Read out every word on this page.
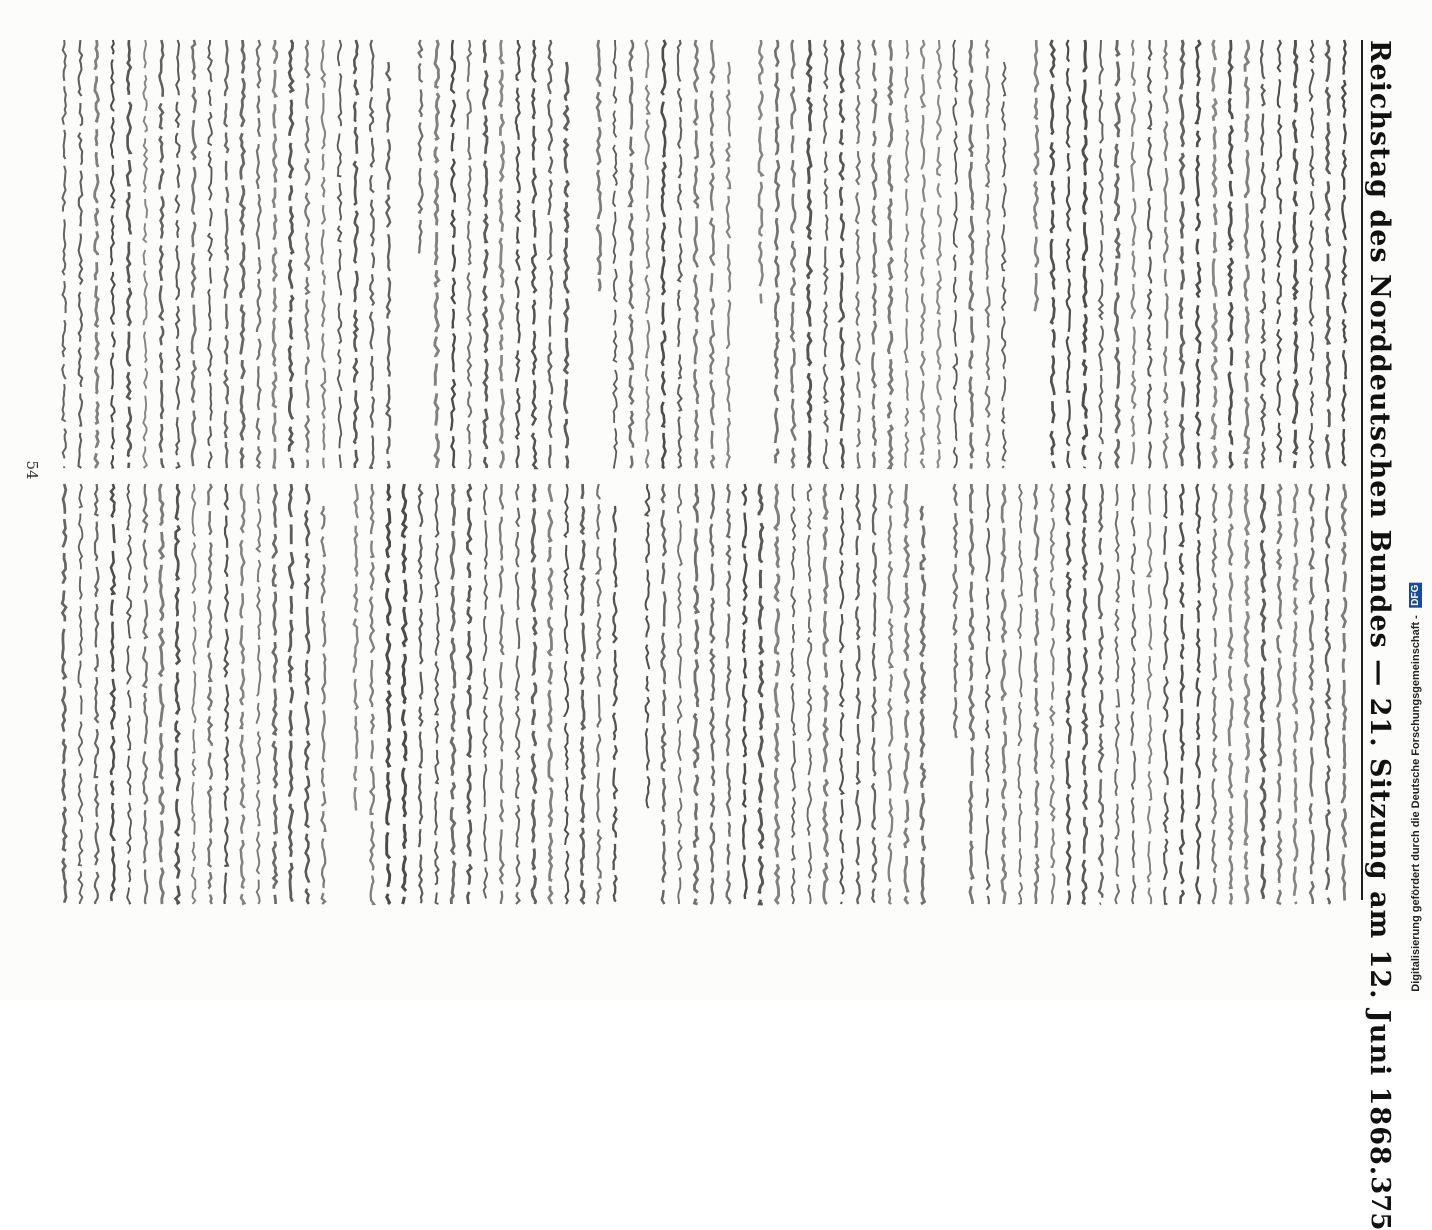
Reichstag des Norddeutschen Bundes — 21. Sitzung am 12. Juni 1868.
375
54
Digitalisierung gefördert durch die Deutsche Forschungsgemeinschaft - DFG
